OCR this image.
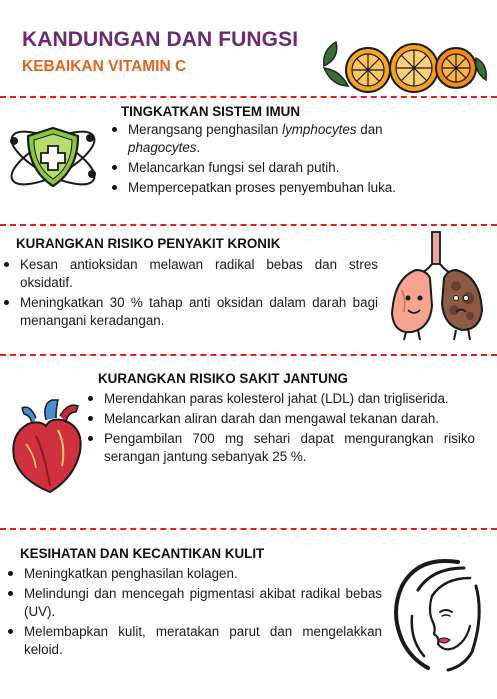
KANDUNGAN DAN FUNGSI
KEBAIKAN VITAMIN C
TINGKATKAN SISTEM IMUN
Merangsang penghasilan lymphocytes dan
phagocytes.
Melancarkan fungsi sel darah putih.
Mempercepatkan proses penyembuhan luka.
KURANGKAN RISIKO PENYAKIT KRONIK
Kesan antioksidan melawan radikal bebas dan stres oksidatif.
Meningkatkan 30 % tahap anti oksidan dalam darah bagi menangani keradangan.
KURANGKAN RISIKO SAKIT JANTUNG
Merendahkan paras kolesterol jahat (LDL) dan trigliserida.
Melancarkan aliran darah dan mengawal tekanan darah.
Pengambilan 700 mg sehari dapat mengurangkan risiko serangan jantung sebanyak 25 %.
KESIHATAN DAN KECANTIKAN KULIT
Meningkatkan penghasilan kolagen.
Melindungi dan mencegah pigmentasi akibat radikal bebas (UV).
Melembapkan kulit, meratakan parut dan mengelakkan keloid.
